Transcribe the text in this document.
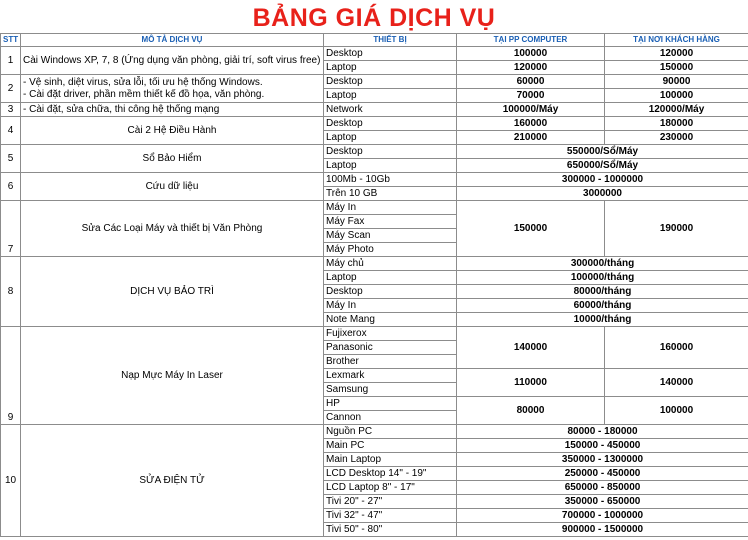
BẢNG GIÁ DỊCH VỤ
STT	MÔ TẢ DỊCH VỤ	THIẾT BỊ	TẠI PP COMPUTER	TẠI NƠI KHÁCH HÀNG
1	Cài Windows XP, 7, 8 (Ứng dụng văn phòng, giải trí, soft virus free)	Desktop	100000	120000
		Laptop	120000	150000
2	- Vệ sinh, diệt virus, sửa lỗi, tối ưu hệ thống Windows.
- Cài đặt driver, phần mềm thiết kế đồ họa, văn phòng.	Desktop	60000	90000
		Laptop	70000	100000
3	- Cài đặt, sửa chữa, thi công hệ thống mạng	Network	100000/Máy	120000/Máy
4	Cài 2 Hệ Điều Hành	Desktop	160000	180000
		Laptop	210000	230000
5	Sổ Bảo Hiểm	Desktop	550000/Sổ/Máy	
		Laptop	650000/Sổ/Máy	
6	Cứu dữ liệu	100Mb - 10Gb	300000 - 1000000	
		Trên 10 GB	3000000	
7	Sửa Các Loại Máy và thiết bị Văn Phòng	Máy In	150000	190000
		Máy Fax		
		Máy Scan		
		Máy Photo		
8	DỊCH VỤ BẢO TRÌ	Máy chủ	300000/tháng	
		Laptop	100000/tháng	
		Desktop	80000/tháng	
		Máy In	60000/tháng	
		Note Mang	10000/tháng	
9	Nạp Mực Máy In Laser	Fujixerox	140000	160000
		Panasonic		
		Brother		
		Lexmark	110000	140000
		Samsung		
		HP	80000	100000
		Cannon		
10	SỬA ĐIỆN TỬ	Nguồn PC	80000 - 180000	
		Main PC	150000 - 450000	
		Main Laptop	350000 - 1300000	
		LCD Desktop 14" - 19"	250000 - 450000	
		LCD Laptop 8" - 17"	650000 - 850000	
		Tivi 20" - 27"	350000 - 650000	
		Tivi 32" - 47"	700000 - 1000000	
		Tivi 50" - 80"	900000 - 1500000	
